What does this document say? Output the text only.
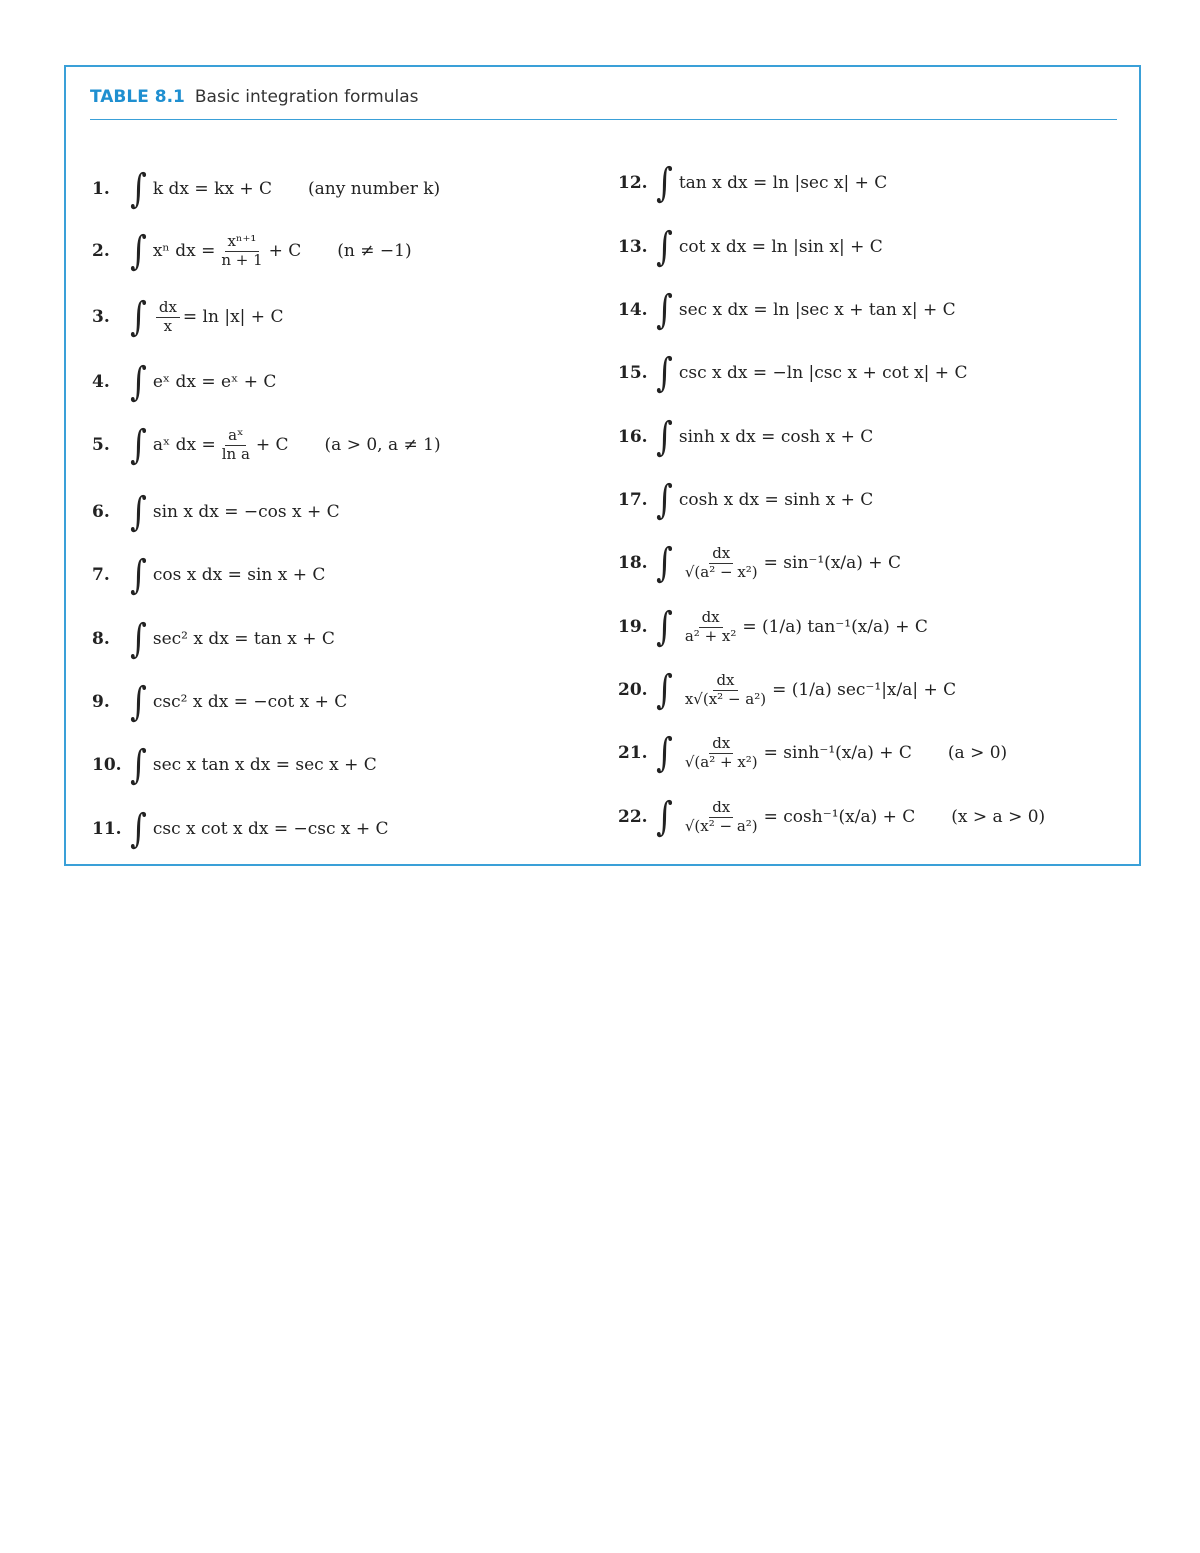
TABLE 8.1 Basic integration formulas
1. ∫ k dx = kx + C (any number k)
2. ∫ xⁿ dx = $\frac{\text{xⁿ⁺¹}}{n + 1} + C$ (n ≠ −1)
3. ∫ $\frac{dx}{x} = \ln |x| + C$
4. ∫ eˣ dx = eˣ + C
5. ∫ aˣ dx = $\frac{\text{aˣ}}{\text{ln a}} + C$ (a > 0, a ≠ 1)
6. ∫ sin x dx = −cos x + C
7. ∫ cos x dx = sin x + C
8. ∫ sec² x dx = tan x + C
9. ∫ csc² x dx = −cot x + C
10. ∫ sec x tan x dx = sec x + C
11. ∫ csc x cot x dx = −csc x + C
12. ∫ tan x dx = ln |sec x| + C
13. ∫ cot x dx = ln |sin x| + C
14. ∫ sec x dx = ln |sec x + tan x| + C
15. ∫ csc x dx = −ln |csc x + cot x| + C
16. ∫ sinh x dx = cosh x + C
17. ∫ cosh x dx = sinh x + C
18. ∫ $\frac{dx}{\text{√(a² − x²)}} = \sin^{-1}(x/a) + C$
19. ∫ $\frac{dx}{\text{a² + x²}} = (1/a) \tan^{-1}(x/a) + C$
20. ∫ $\frac{dx}{\text{x√(x² − a²)}} = (1/a) \sec^{-1}|x/a| + C$
21. ∫ $\frac{dx}{\text{√(a² + x²)}} = \sinh^{-1}(x/a) + C$ (a > 0)
22. ∫ $\frac{dx}{\text{√(x² − a²)}} = \cosh^{-1}(x/a) + C$ (x > a > 0)
